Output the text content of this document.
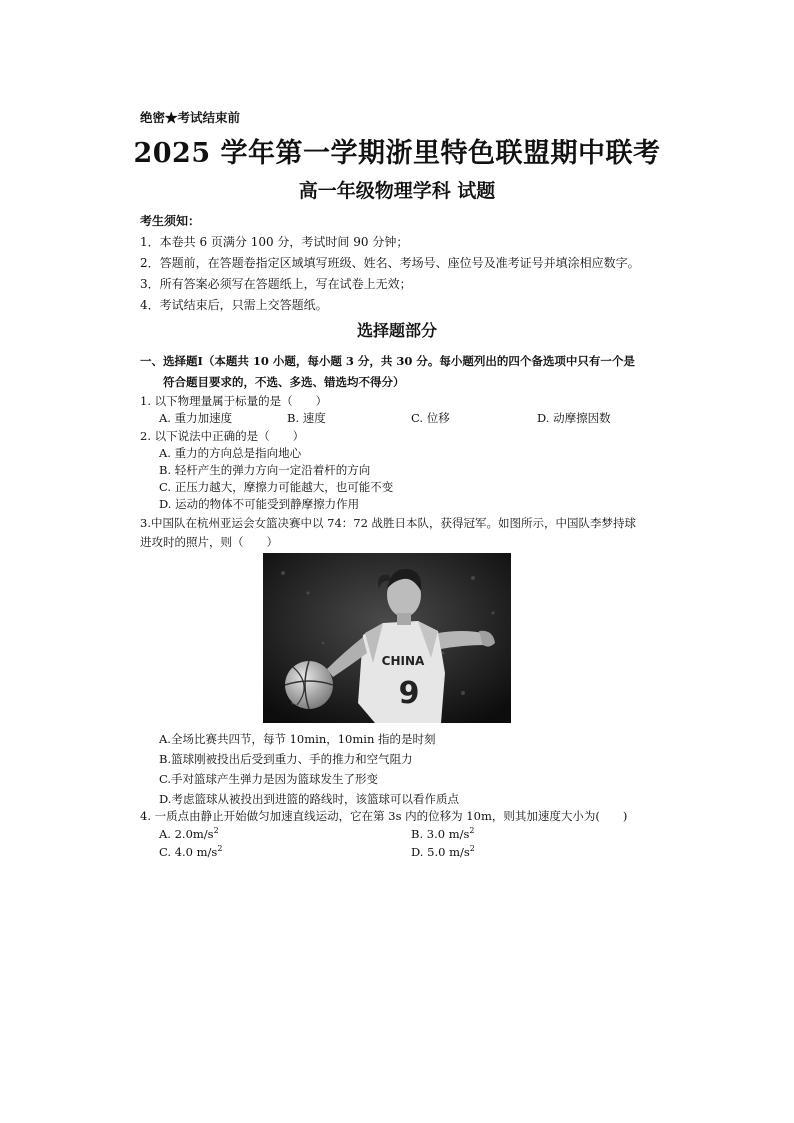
绝密★考试结束前
2025 学年第一学期浙里特色联盟期中联考
高一年级物理学科 试题
考生须知：
1．本卷共 6 页满分 100 分，考试时间 90 分钟；
2．答题前，在答题卷指定区域填写班级、姓名、考场号、座位号及准考证号并填涂相应数字。
3．所有答案必须写在答题纸上，写在试卷上无效；
4．考试结束后，只需上交答题纸。
选择题部分
一、选择题Ⅰ（本题共 10 小题，每小题 3 分，共 30 分。每小题列出的四个备选项中只有一个是
符合题目要求的，不选、多选、错选均不得分）
1. 以下物理量属于标量的是（　　）
A. 重力加速度	B. 速度	C. 位移	D. 动摩擦因数
2. 以下说法中正确的是（　　）
A. 重力的方向总是指向地心
B. 轻杆产生的弹力方向一定沿着杆的方向
C. 正压力越大，摩擦力可能越大，也可能不变
D. 运动的物体不可能受到静摩擦力作用
3.中国队在杭州亚运会女篮决赛中以 74：72 战胜日本队，获得冠军。如图所示，中国队李梦持球
进攻时的照片，则（　　）
CHINA
9
A.全场比赛共四节，每节 10min，10min 指的是时刻
B.篮球刚被投出后受到重力、手的推力和空气阻力
C.手对篮球产生弹力是因为篮球发生了形变
D.考虑篮球从被投出到进篮的路线时，该篮球可以看作质点
4. 一质点由静止开始做匀加速直线运动，它在第 3s 内的位移为 10m，则其加速度大小为(　　)
A. $2.0m/s^2$	B. 3.0 $m/s^2$
C. 4.0 $m/s^2$	D. 5.0 $m/s^2$
